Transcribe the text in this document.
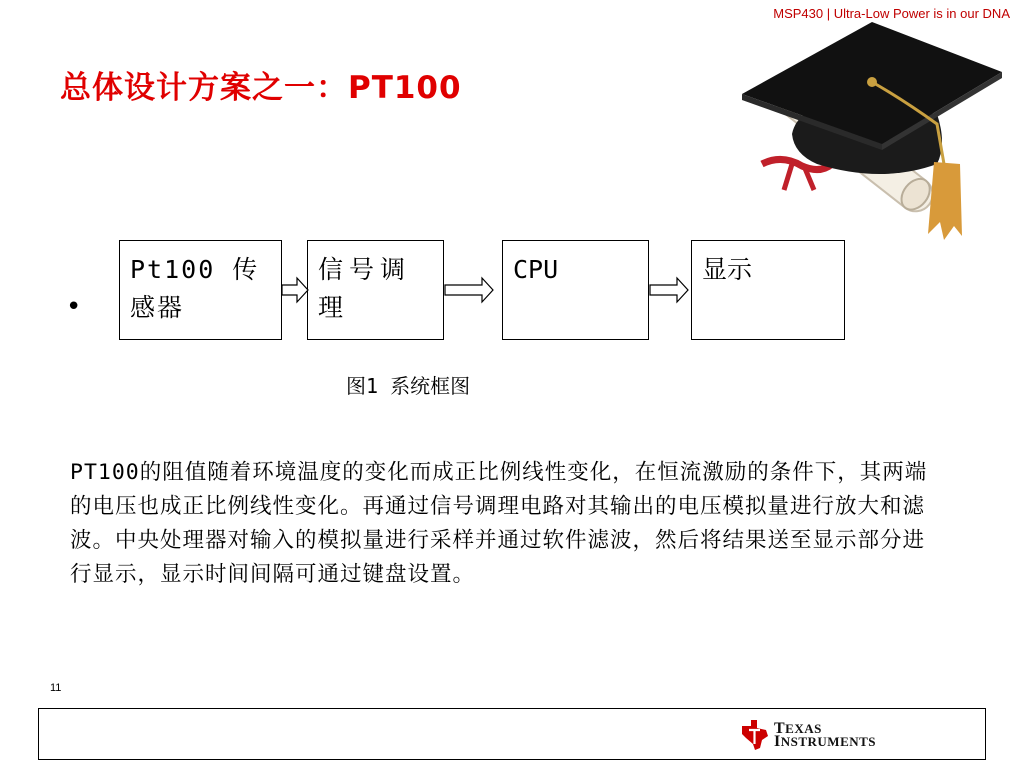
MSP430 | Ultra-Low Power is in our DNA
总体设计方案之一：PT100
•
Pt100 传感器
信号调理
CPU	显示
图1 系统框图
PT100的阻值随着环境温度的变化而成正比例线性变化，在恒流激励的条件下，其两端的电压也成正比例线性变化。再通过信号调理电路对其输出的电压模拟量进行放大和滤波。中央处理器对输入的模拟量进行采样并通过软件滤波，然后将结果送至显示部分进行显示，显示时间间隔可通过键盘设置。
11
TEXAS
INSTRUMENTS
